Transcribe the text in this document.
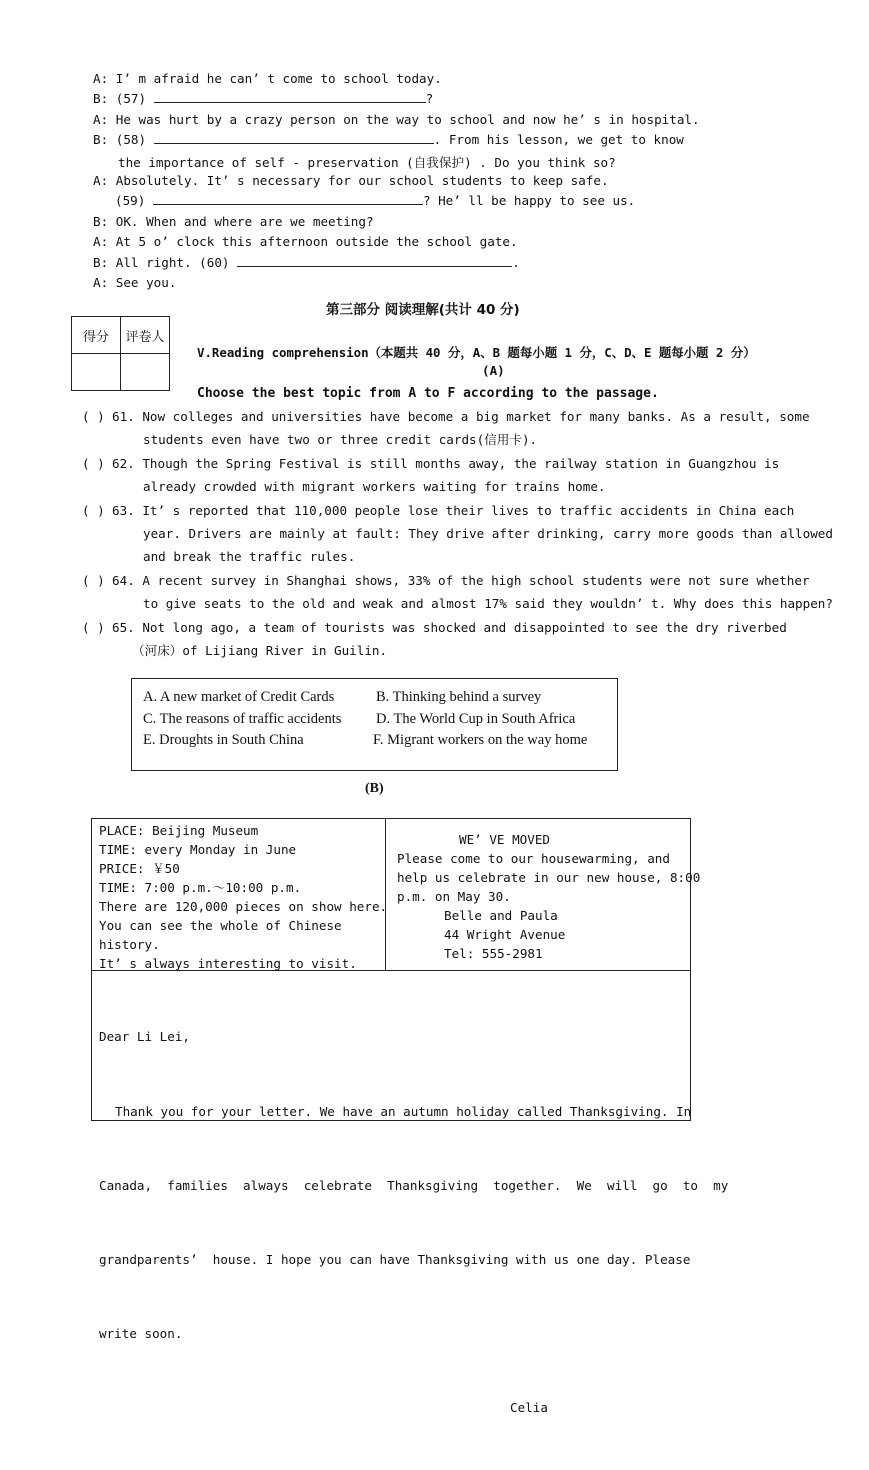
A: I’ m afraid he can’ t come to school today.
B: (57)	?
A: He was hurt by a crazy person on the way to school and now he’ s in hospital.
B: (58)	. From his lesson, we get to know
the importance of self - preservation (自我保护) . Do you think so?
A: Absolutely. It’ s necessary for our school students to keep safe.
(59)	? He’ ll be happy to see us.
B: OK. When and where are we meeting?
A: At 5 o’ clock this afternoon outside the school gate.
B: All right. (60)	.
A: See you.
第三部分 阅读理解(共计 40 分)
得分	评卷人

V.Reading comprehension（本题共 40 分，A、B 题每小题 1 分，C、D、E 题每小题 2 分）
(A)
Choose the best topic from A to F according to the passage.
( ) 61. Now colleges and universities have become a big market for many banks. As a result, some
students even have two or three credit cards(信用卡).
( ) 62. Though the Spring Festival is still months away, the railway station in Guangzhou is
already crowded with migrant workers waiting for trains home.
( ) 63. It’ s reported that 110,000 people lose their lives to traffic accidents in China each
year. Drivers are mainly at fault: They drive after drinking, carry more goods than allowed
and break the traffic rules.
( ) 64. A recent survey in Shanghai shows, 33% of the high school students were not sure whether
to give seats to the old and weak and almost 17% said they wouldn’ t. Why does this happen?
( ) 65. Not long ago, a team of tourists was shocked and disappointed to see the dry riverbed
（河床）of Lijiang River in Guilin.
A. A new market of Credit Cards	B. Thinking behind a survey
C. The reasons of traffic accidents D. The World Cup in South Africa
E. Droughts in South China	F. Migrant workers on the way home
(B)
PLACE: Beijing Museum
TIME: every Monday in June
PRICE: ￥50
TIME: 7:00 p.m.～10:00 p.m.
There are 120,000 pieces on show here.
You can see the whole of Chinese
history.
It’ s always interesting to visit.
WE’ VE MOVED
Please come to our housewarming, and
help us celebrate in our new house, 8:00
p.m. on May 30.
Belle and Paula
44 Wright Avenue
Tel: 555-2981

Dear Li Lei,

Thank you for your letter. We have an autumn holiday called Thanksgiving. In

Canada,  families  always  celebrate  Thanksgiving  together.  We  will  go  to  my

grandparents’  house. I hope you can have Thanksgiving with us one day. Please

write soon.

Celia
